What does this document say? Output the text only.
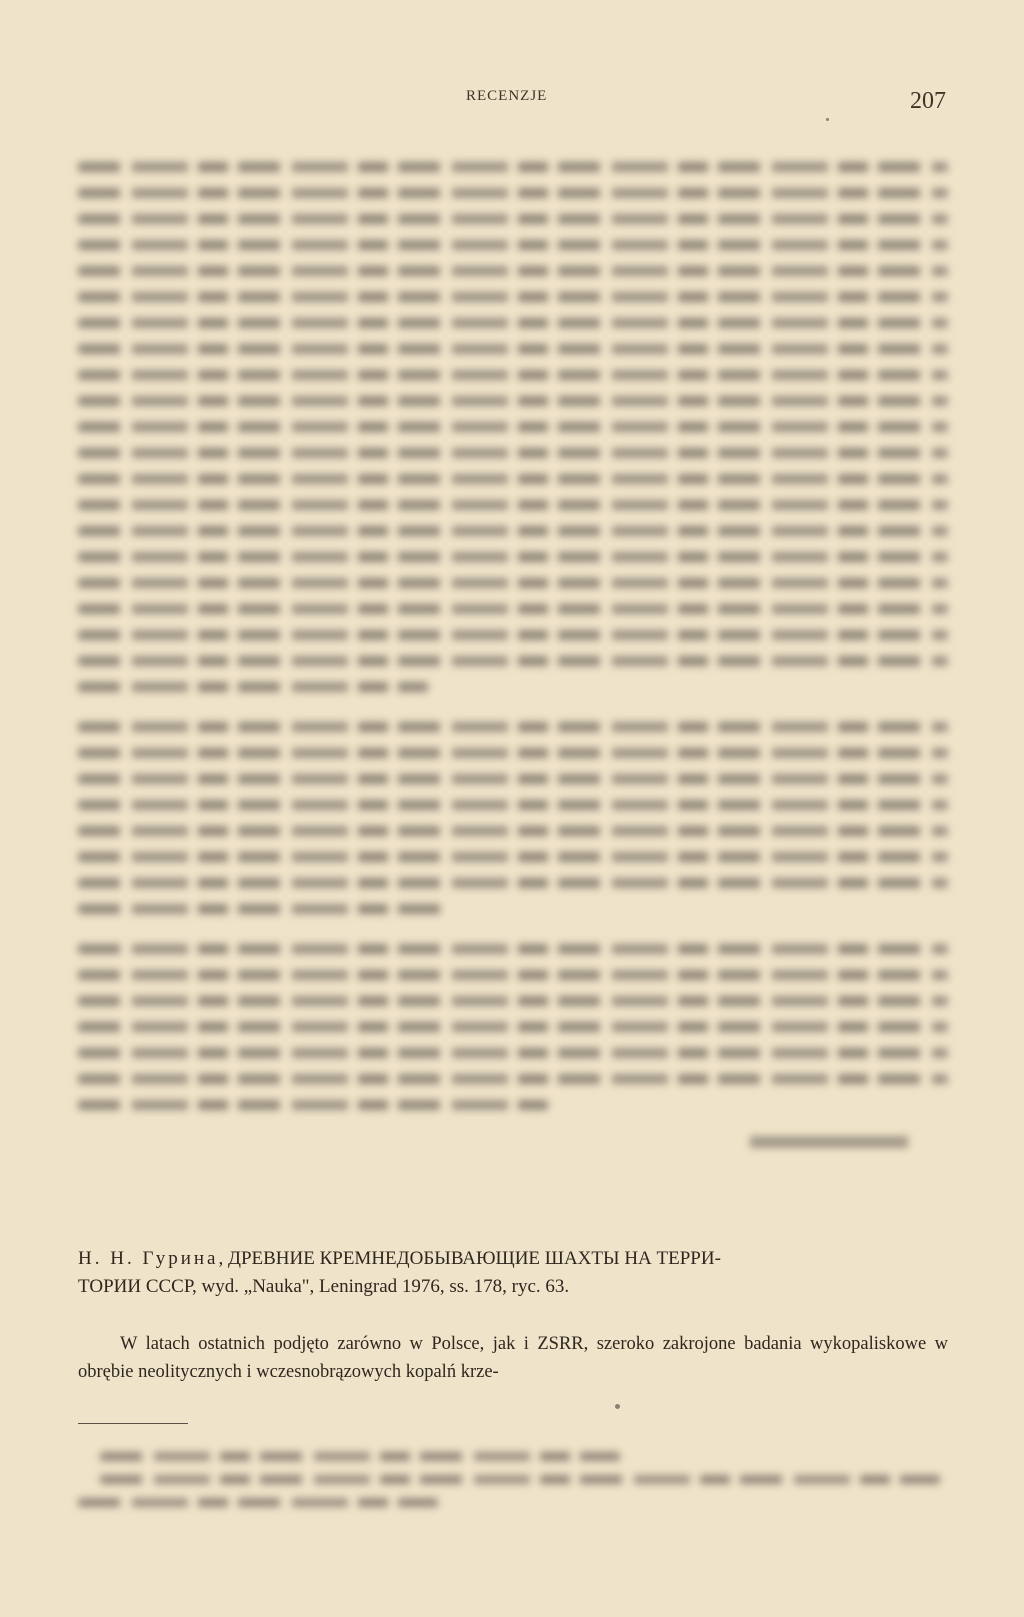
RECENZJE	207
Н. Н. Гурина, ДРЕВНИЕ КРЕМНЕДОБЫВАЮЩИЕ ШАХТЫ НА ТЕРРИ-
ТОРИИ СССР, wyd. „Nauka", Leningrad 1976, ss. 178, ryc. 63.
W latach ostatnich podjęto zarówno w Polsce, jak i ZSRR, szeroko zakrojone badania wykopaliskowe w obrębie neolitycznych i wczesnobrązowych kopalń krze-
